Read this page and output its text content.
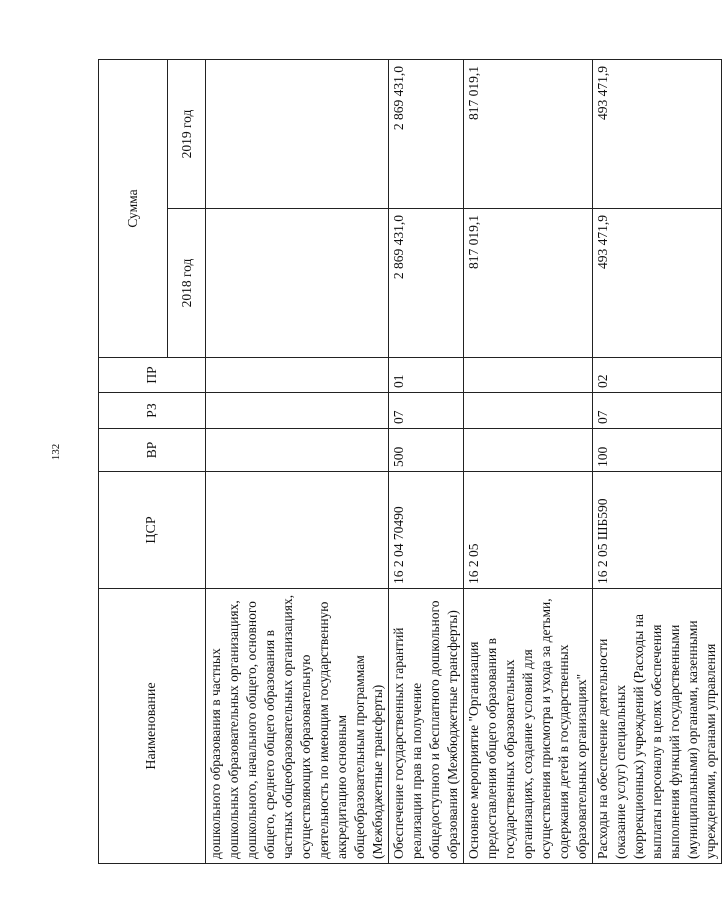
132
Наименование	ЦСР	ВР	РЗ	ПР	Сумма	
					2018 год	2019 год
дошкольного образования в частных дошкольных образовательных организациях, дошкольного, начального общего, основного общего, среднего общего образования в частных общеобразовательных организациях, осуществляющих образовательную деятельность по имеющим государственную аккредитацию основным общеобразовательным программам (Межбюджетные трансферты)						
Обеспечение государственных гарантий реализации прав на получение общедоступного и бесплатного дошкольного образования (Межбюджетные трансферты)	16 2 04 70490	500	07	01	2 869 431,0	2 869 431,0
Основное мероприятие "Организация предоставления общего образования в государственных образовательных организациях, создание условий для осуществления присмотра и ухода за детьми, содержания детей в государственных образовательных организациях"	16 2 05				817 019,1	817 019,1
Расходы на обеспечение деятельности (оказание услуг) специальных (коррекционных) учреждений (Расходы на выплаты персоналу в целях обеспечения выполнения функций государственными (муниципальными) органами, казенными учреждениями, органами управления	16 2 05 ШБ590	100	07	02	493 471,9	493 471,9
